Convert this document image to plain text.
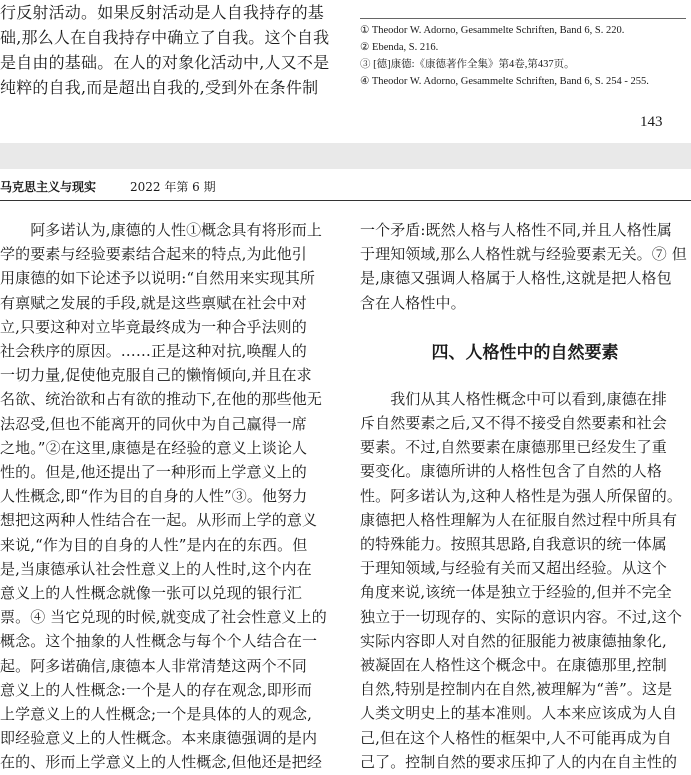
行反射活动。如果反射活动是人自我持存的基
础,那么人在自我持存中确立了自我。这个自我
是自由的基础。在人的对象化活动中,人又不是
纯粹的自我,而是超出自我的,受到外在条件制
① Theodor W. Adorno, Gesammelte Schriften, Band 6, S. 220.
② Ebenda, S. 216.
③ [德]康德:《康德著作全集》第4卷,第437页。
④ Theodor W. Adorno, Gesammelte Schriften, Band 6, S. 254 - 255.
143
马克思主义与现实	2022 年第 6 期
　　阿多诺认为,康德的人性①概念具有将形而上
学的要素与经验要素结合起来的特点,为此他引
用康德的如下论述予以说明:“自然用来实现其所
有禀赋之发展的手段,就是这些禀赋在社会中对
立,只要这种对立毕竟最终成为一种合乎法则的
社会秩序的原因。……正是这种对抗,唤醒人的
一切力量,促使他克服自己的懒惰倾向,并且在求
名欲、统治欲和占有欲的推动下,在他的那些他无
法忍受,但也不能离开的同伙中为自己赢得一席
之地。”②在这里,康德是在经验的意义上谈论人
性的。但是,他还提出了一种形而上学意义上的
人性概念,即“作为目的自身的人性”③。他努力
想把这两种人性结合在一起。从形而上学的意义
来说,“作为目的自身的人性”是内在的东西。但
是,当康德承认社会性意义上的人性时,这个内在
意义上的人性概念就像一张可以兑现的银行汇
票。④ 当它兑现的时候,就变成了社会性意义上的
概念。这个抽象的人性概念与每个个人结合在一
起。阿多诺确信,康德本人非常清楚这两个不同
意义上的人性概念:一个是人的存在观念,即形而
上学意义上的人性概念;一个是具体的人的观念,
即经验意义上的人性概念。本来康德强调的是内
在的、形而上学意义上的人性概念,但他还是把经
一个矛盾:既然人格与人格性不同,并且人格性属
于理知领域,那么人格性就与经验要素无关。⑦ 但
是,康德又强调人格属于人格性,这就是把人格包
含在人格性中。
四、人格性中的自然要素
　　我们从其人格性概念中可以看到,康德在排
斥自然要素之后,又不得不接受自然要素和社会
要素。不过,自然要素在康德那里已经发生了重
要变化。康德所讲的人格性包含了自然的人格
性。阿多诺认为,这种人格性是为强人所保留的。
康德把人格性理解为人在征服自然过程中所具有
的特殊能力。按照其思路,自我意识的统一体属
于理知领域,与经验有关而又超出经验。从这个
角度来说,该统一体是独立于经验的,但并不完全
独立于一切现存的、实际的意识内容。不过,这个
实际内容即人对自然的征服能力被康德抽象化,
被凝固在人格性这个概念中。在康德那里,控制
自然,特别是控制内在自然,被理解为“善”。这是
人类文明史上的基本准则。人本来应该成为人自
己,但在这个人格性的框架中,人不可能再成为自
己了。控制自然的要求压抑了人的内在自主性的
